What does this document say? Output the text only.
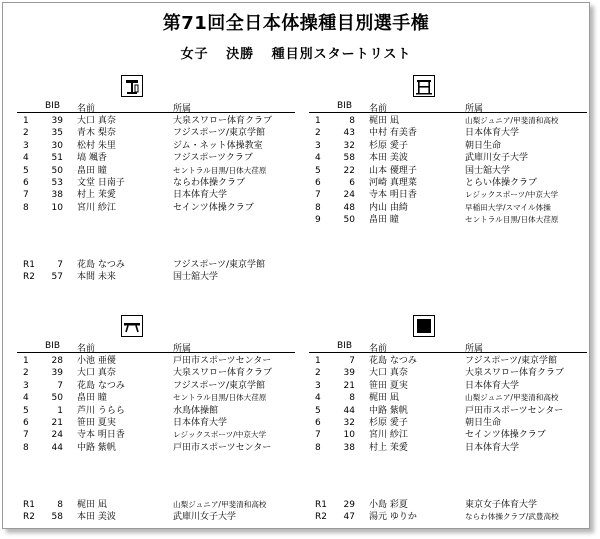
第71回全日本体操種目別選手権
女子 決勝 種目別スタートリスト
BIB	名前	所属
1	39 大口 真奈	大泉スワロー体育クラブ
2	35 青木 梨奈	フジスポーツ/東京学館
3	30 松村 朱里	ジム・ネット体操教室
4	51 塙 颯香	フジスポーツクラブ
5	50 畠田 瞳	セントラル目黒/日体大荏原
6	53 文堂 日南子	ならわ体操クラブ
7	38 村上 茉愛	日本体育大学
8	10 宮川 紗江	セインツ体操クラブ
R1	7 花島 なつみ	フジスポーツ/東京学館
R2	57 本間 未来	国士舘大学
BIB	名前	所属
1	8 梶田 凪	山梨ジュニア/甲斐清和高校
2	43 中村 有美香	日本体育大学
3	32 杉原 愛子	朝日生命
4	58 本田 美波	武庫川女子大学
5	22 山本 優理子	国士舘大学
6	6 河崎 真理菜	とらい体操クラブ
7	24 寺本 明日香	レジックスポーツ/中京大学
8	48 内山 由綺	早稲田大学/スマイル体操
9	50 畠田 瞳	セントラル目黒/日体大荏原
BIB	名前	所属
1	28 小池 亜優	戸田市スポーツセンター
2	39 大口 真奈	大泉スワロー体育クラブ
3	7 花島 なつみ	フジスポーツ/東京学館
4	50 畠田 瞳	セントラル目黒/日体大荏原
5	1 芦川 うらら	水鳥体操館
6	21 笹田 夏実	日本体育大学
7	24 寺本 明日香	レジックスポーツ/中京大学
8	44 中路 紫帆	戸田市スポーツセンター
R1	8 梶田 凪	山梨ジュニア/甲斐清和高校
R2	58 本田 美波	武庫川女子大学
BIB	名前	所属
1	7 花島 なつみ	フジスポーツ/東京学館
2	39 大口 真奈	大泉スワロー体育クラブ
3	21 笹田 夏実	日本体育大学
4	8 梶田 凪	山梨ジュニア/甲斐清和高校
5	44 中路 紫帆	戸田市スポーツセンター
6	32 杉原 愛子	朝日生命
7	10 宮川 紗江	セインツ体操クラブ
8	38 村上 茉愛	日本体育大学
R1	29 小島 彩夏	東京女子体育大学
R2	47 湯元 ゆりか	ならわ体操クラブ/武豊高校
